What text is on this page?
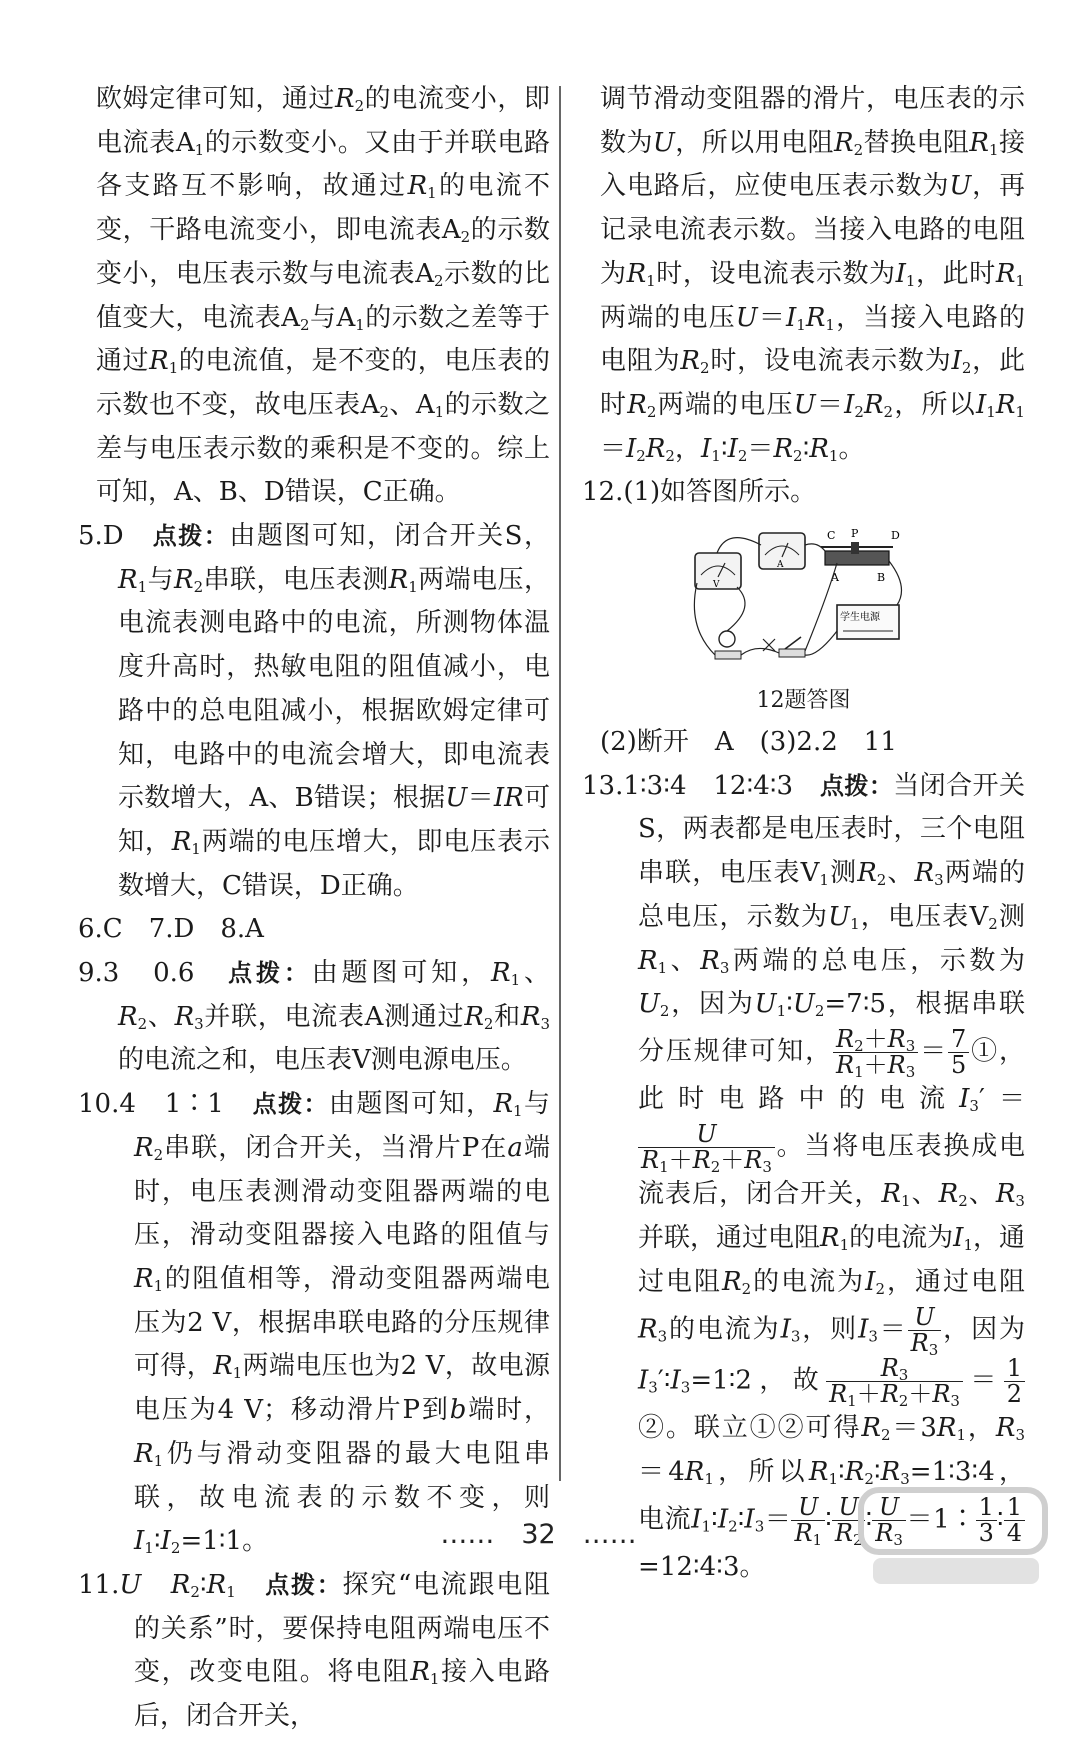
欧姆定律可知，通过$R_2$的电流变小，即电流表$A_1$的示数变小。又由于并联电路各支路互不影响，故通过$R_1$的电流不变，干路电流变小，即电流表$A_2$的示数变小，电压表示数与电流表$A_2$示数的比值变大，电流表$A_2$与$A_1$的示数之差等于通过$R_1$的电流值，是不变的，电压表的示数也不变，故电压表$A_2$、$A_1$的示数之差与电压表示数的乘积是不变的。综上可知，A、B、D错误，C正确。

5.D　 点拨：由题图可知，闭合开关S，$R_1$与$R_2$串联，电压表测$R_1$两端电压，电流表测电路中的电流，所测物体温度升高时，热敏电阻的阻值减小，电路中的总电阻减小，根据欧姆定律可知，电路中的电流会增大，即电流表示数增大，A、B错误；根据U＝IR可知，$R_1$两端的电压增大，即电压表示数增大，C错误，D正确。

6.C　7.D　8.A

9.3　0.6　 点拨：由题图可知，$R_1$、$R_2$、$R_3$并联，电流表A测通过$R_2$和$R_3$的电流之和，电压表V测电源电压。

10.4　1∶1　 点拨：由题图可知，$R_1$与$R_2$串联，闭合开关，当滑片P在a端时，电压表测滑动变阻器两端的电压，滑动变阻器接入电路的阻值与$R_1$的阻值相等，滑动变阻器两端电压为2 V，根据串联电路的分压规律可得，$R_1$两端电压也为2 V，故电源电压为4 V；移动滑片P到b端时，$R_1$仍与滑动变阻器的最大电阻串联，故电流表的示数不变，则$I_1∶I_2=1∶1$。

11.U　 $R_2∶R_1$　 点拨：探究“电流跟电阻的关系”时，要保持电阻两端电压不变，改变电阻。将电阻$R_1$接入电路后，闭合开关，

调节滑动变阻器的滑片，电压表的示数为U，所以用电阻$R_2$替换电阻$R_1$接入电路后，应使电压表示数为U，再记录电流表示数。当接入电路的电阻为$R_1$时，设电流表示数为$I_1$，此时$R_1$两端的电压$U=I_1R_1$，当接入电路的电阻为$R_2$时，设电流表示数为$I_2$，此时$R_2$两端的电压$U=I_2R_2$，所以$I_1R_1=I_2R_2$，$I_1∶I_2=R_2∶R_1$。

12.(1)如答图所示。

V
A
C P	D
A	B
学生电源
12题答图

(2)断开　A　(3)2.2　11

13.1∶3∶4　12∶4∶3　 点拨：当闭合开关S，两表都是电压表时，三个电阻串联，电压表$V_1$测$R_2$、$R_3$两端的总电压，示数为$U_1$，电压表$V_2$测$R_1$、$R_3$两端的总电压，示数为$U_2$，因为$U_1∶U_2=7∶5$，根据串联分压规律可知， $\frac{R_2+R_3}{R_1+R_3} = \frac{7}{5}$ ①，此时电路中的电流$I_3'=$
$\frac{U}{R_1+R_2+R_3}$ 。当将电压表换成电流表后，闭合开关，$R_1$、$R_2$、$R_3$并联，通过电阻$R_1$的电流为$I_1$，通过电阻$R_2$的电流为$I_2$，通过电阻$R_3$的电流为$I_3$，则$I_3= \frac{U}{R_3}$ ，因为$I_3'∶I_3=1∶2$，故 $\frac{R_3}{R_1+R_2+R_3} = \frac{1}{2}$
②。联立①②可得$R_2=3R_1$，$R_3=4R_1$，所以$R_1∶R_2∶R_3=1∶3∶4$，电流$I_1∶I_2∶I_3= \frac{U}{R_1}$ ∶ $\frac{U}{R_2}$ ∶ $\frac{U}{R_3}$ ＝1∶ $\frac{1}{3}$ ∶ $\frac{1}{4}$
=12∶4∶3。

……　 32　 ……
